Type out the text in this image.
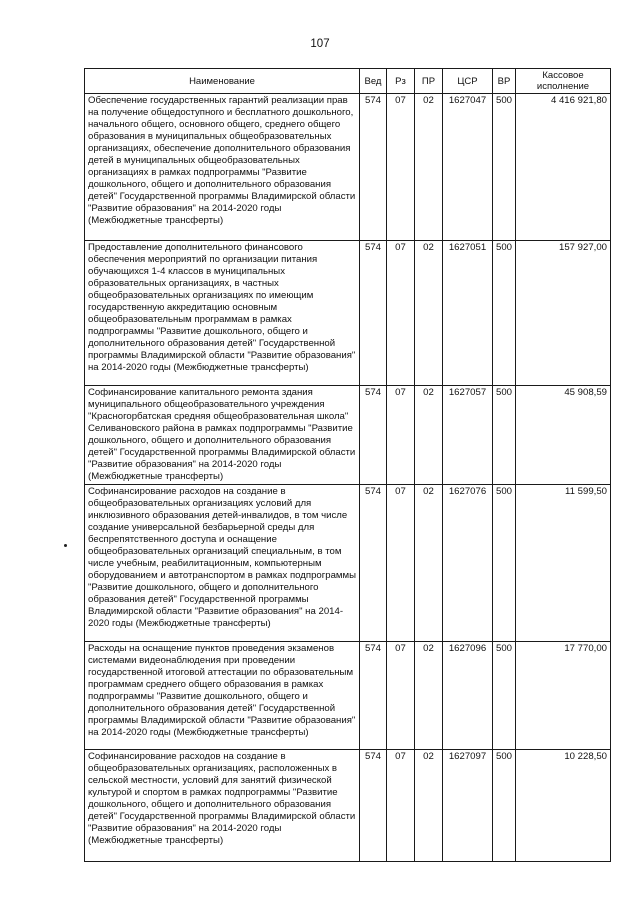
107
Наименование	Вед	Рз	ПР	ЦСР	ВР	Кассовое исполнение
Обеспечение государственных гарантий реализации прав на получение общедоступного и бесплатного дошкольного, начального общего, основного общего, среднего общего образования в муниципальных общеобразовательных организациях, обеспечение дополнительного образования детей в муниципальных общеобразовательных организациях в рамках подпрограммы "Развитие дошкольного, общего и дополнительного образования детей" Государственной программы Владимирской области "Развитие образования" на 2014-2020 годы (Межбюджетные трансферты)	574	07	02	1627047	500	4 416 921,80
Предоставление дополнительного финансового обеспечения мероприятий по организации питания обучающихся 1-4 классов в муниципальных образовательных организациях, в частных общеобразовательных организациях по имеющим государственную аккредитацию основным общеобразовательным программам в рамках подпрограммы "Развитие дошкольного, общего и дополнительного образования детей" Государственной программы Владимирской области "Развитие образования" на 2014-2020 годы (Межбюджетные трансферты)	574	07	02	1627051	500	157 927,00
Софинансирование капитального ремонта здания муниципального общеобразовательного учреждения "Красногорбатская средняя общеобразовательная школа" Селивановского района в рамках подпрограммы "Развитие дошкольного, общего и дополнительного образования детей" Государственной программы Владимирской области "Развитие образования" на 2014-2020 годы (Межбюджетные трансферты)	574	07	02	1627057	500	45 908,59
Софинансирование расходов на создание в общеобразовательных организациях условий для инклюзивного образования детей-инвалидов, в том числе создание универсальной безбарьерной среды для беспрепятственного доступа и оснащение общеобразовательных организаций специальным, в том числе учебным, реабилитационным, компьютерным оборудованием и автотранспортом в рамках подпрограммы "Развитие дошкольного, общего и дополнительного образования детей" Государственной программы Владимирской области "Развитие образования" на 2014-2020 годы (Межбюджетные трансферты)	574	07	02	1627076	500	11 599,50
Расходы на оснащение пунктов проведения экзаменов системами видеонаблюдения при проведении государственной итоговой аттестации по образовательным программам среднего общего образования в рамках подпрограммы "Развитие дошкольного, общего и дополнительного образования детей" Государственной программы Владимирской области "Развитие образования" на 2014-2020 годы (Межбюджетные трансферты)	574	07	02	1627096	500	17 770,00
Софинансирование расходов на создание в общеобразовательных организациях, расположенных в сельской местности, условий для занятий физической культурой и спортом в рамках подпрограммы "Развитие дошкольного, общего и дополнительного образования детей" Государственной программы Владимирской области "Развитие образования" на 2014-2020 годы (Межбюджетные трансферты)	574	07	02	1627097	500	10 228,50
